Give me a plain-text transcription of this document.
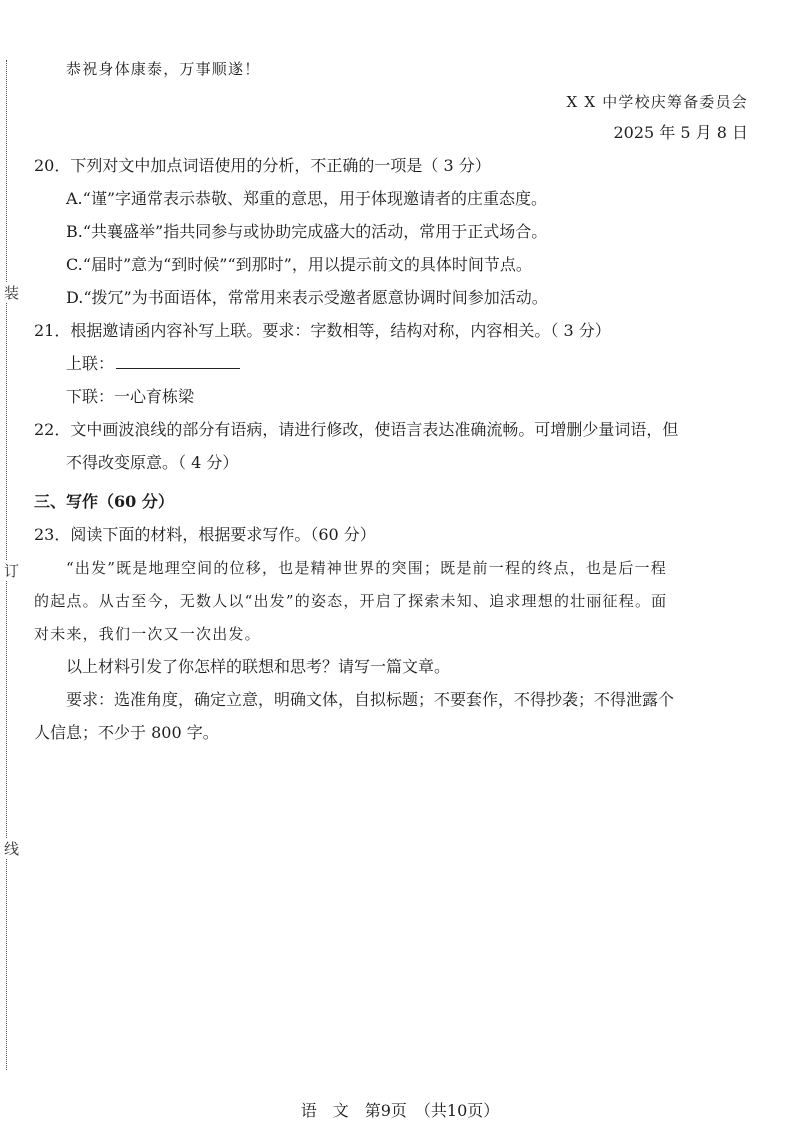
装
订
线
恭祝身体康泰，万事顺遂！
X X 中学校庆筹备委员会
2025 年 5 月 8 日
20．下列对文中加点词语使用的分析，不正确的一项是（ 3 分）
A.“谨”字通常表示恭敬、郑重的意思，用于体现邀请者的庄重态度。
B.“共襄盛举”指共同参与或协助完成盛大的活动，常用于正式场合。
C.“届时”意为“到时候”“到那时”，用以提示前文的具体时间节点。
D.“拨冗”为书面语体，常常用来表示受邀者愿意协调时间参加活动。
21．根据邀请函内容补写上联。要求：字数相等，结构对称，内容相关。（ 3 分）
上联：
下联：一心育栋梁
22．文中画波浪线的部分有语病，请进行修改，使语言表达准确流畅。可增删少量词语，但
不得改变原意。（ 4 分）
三、写作（60 分）
23．阅读下面的材料，根据要求写作。（60 分）
“出发”既是地理空间的位移，也是精神世界的突围；既是前一程的终点，也是后一程
的起点。从古至今，无数人以“出发”的姿态，开启了探索未知、追求理想的壮丽征程。面
对未来，我们一次又一次出发。
以上材料引发了你怎样的联想和思考？请写一篇文章。
要求：选准角度，确定立意，明确文体，自拟标题；不要套作，不得抄袭；不得泄露个
人信息；不少于 800 字。
语　文　第9页　（共10页）
